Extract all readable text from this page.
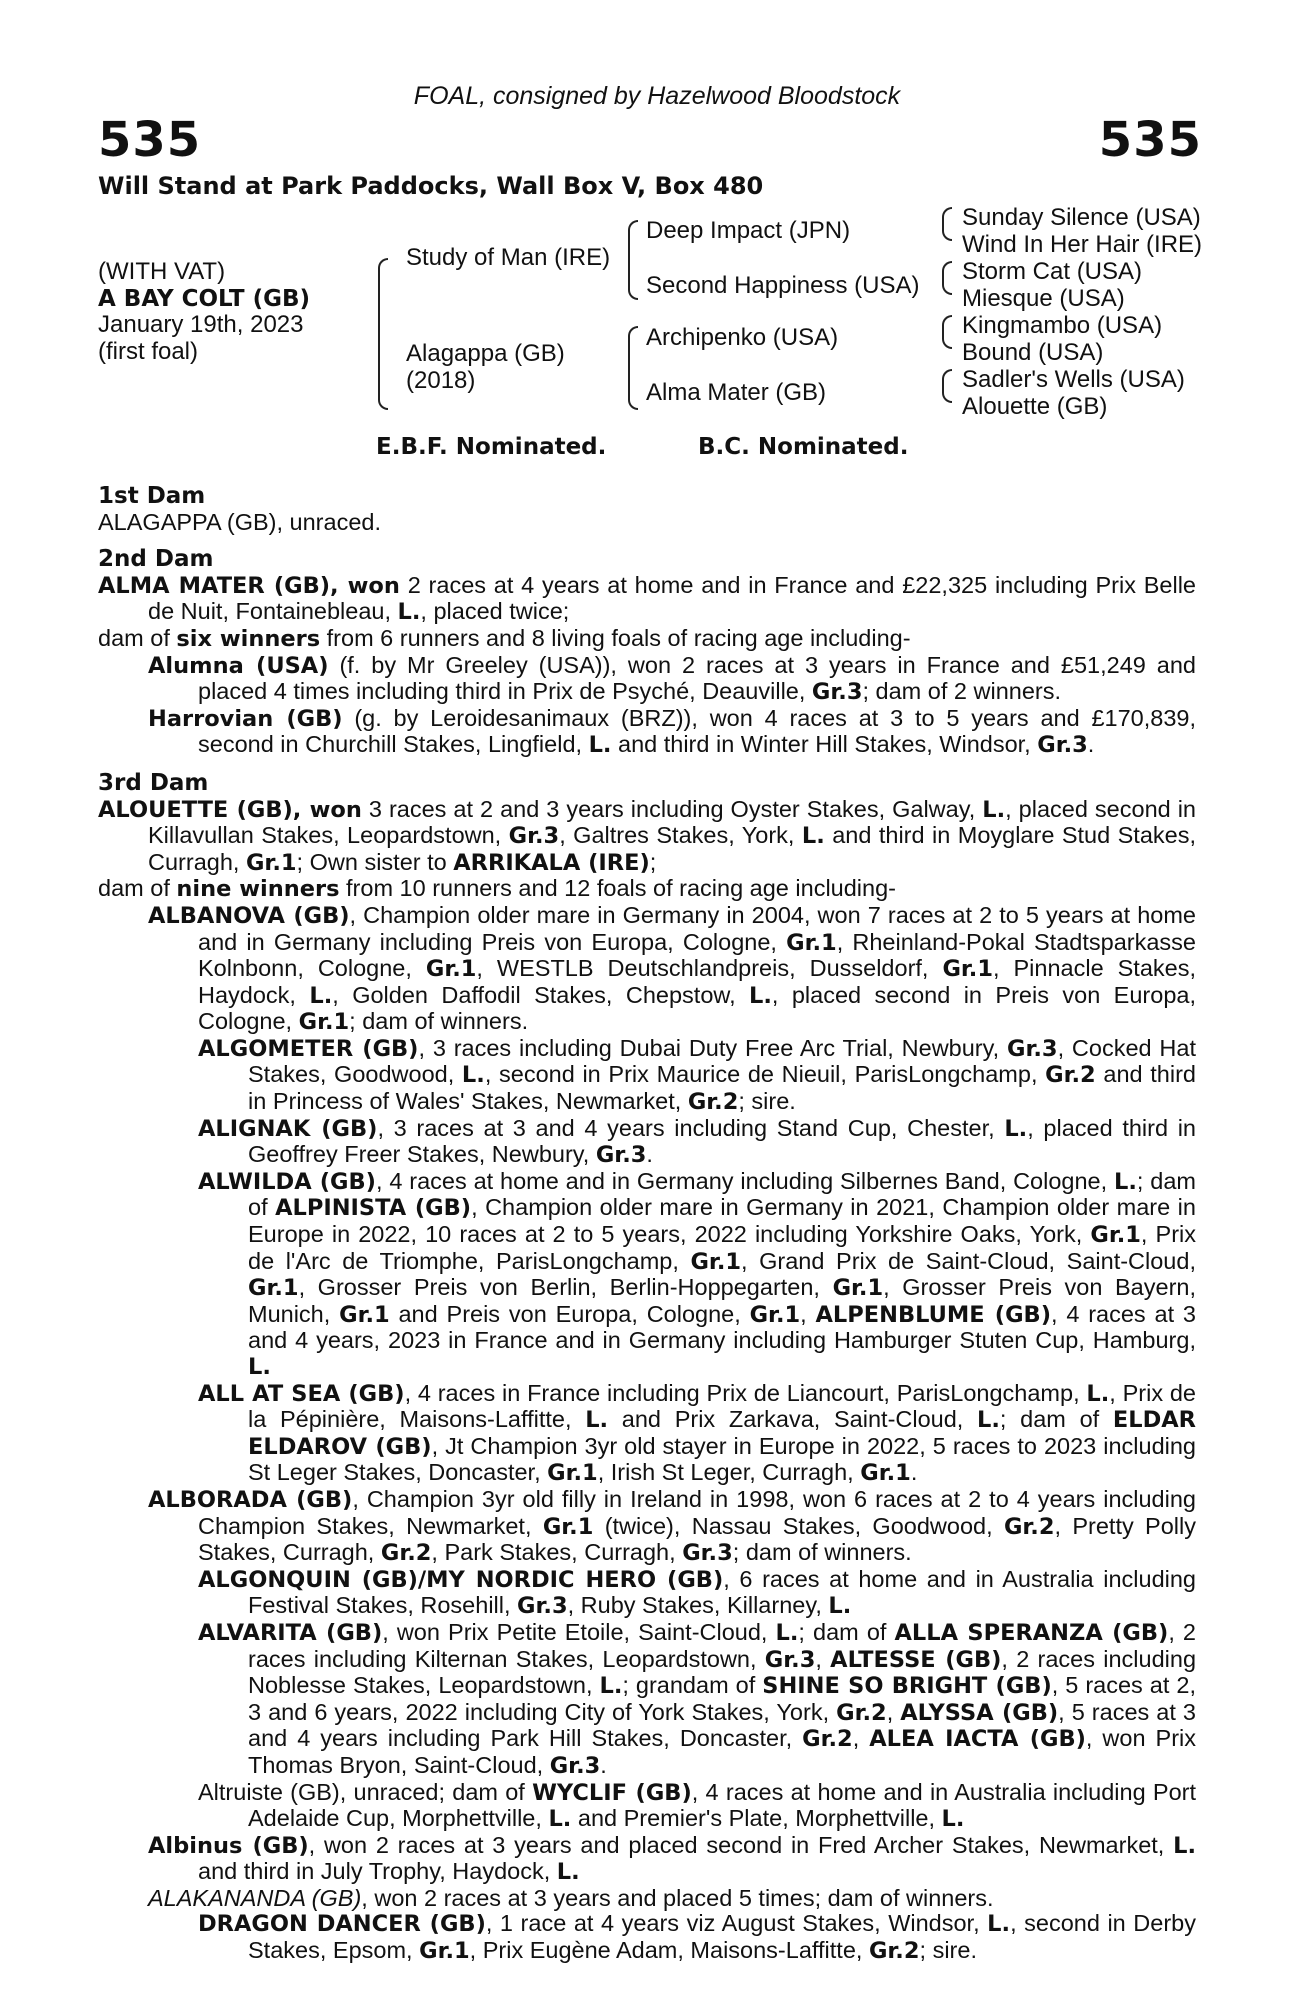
FOAL, consigned by Hazelwood Bloodstock
535	535
Will Stand at Park Paddocks, Wall Box V, Box 480
(WITH VAT)
A BAY COLT (GB)
January 19th, 2023
(first foal)
Study of Man (IRE)
Alagappa (GB)
(2018)
Deep Impact (JPN)
Second Happiness (USA)
Archipenko (USA)
Alma Mater (GB)
Sunday Silence (USA)
Wind In Her Hair (IRE)
Storm Cat (USA)
Miesque (USA)
Kingmambo (USA)
Bound (USA)
Sadler's Wells (USA)
Alouette (GB)
E.B.F. Nominated.	B.C. Nominated.
1st Dam
ALAGAPPA (GB), unraced.
2nd Dam
ALMA MATER (GB), won 2 races at 4 years at home and in France and £22,325 including Prix Belle de Nuit, Fontainebleau, L., placed twice;
dam of six winners from 6 runners and 8 living foals of racing age including-
Alumna (USA) (f. by Mr Greeley (USA)), won 2 races at 3 years in France and £51,249 and placed 4 times including third in Prix de Psyché, Deauville, Gr.3; dam of 2 winners.
Harrovian (GB) (g. by Leroidesanimaux (BRZ)), won 4 races at 3 to 5 years and £170,839, second in Churchill Stakes, Lingfield, L. and third in Winter Hill Stakes, Windsor, Gr.3.
3rd Dam
ALOUETTE (GB), won 3 races at 2 and 3 years including Oyster Stakes, Galway, L., placed second in Killavullan Stakes, Leopardstown, Gr.3, Galtres Stakes, York, L. and third in Moyglare Stud Stakes, Curragh, Gr.1; Own sister to ARRIKALA (IRE);
dam of nine winners from 10 runners and 12 foals of racing age including-
ALBANOVA (GB), Champion older mare in Germany in 2004, won 7 races at 2 to 5 years at home and in Germany including Preis von Europa, Cologne, Gr.1, Rheinland-Pokal Stadtsparkasse Kolnbonn, Cologne, Gr.1, WESTLB Deutschlandpreis, Dusseldorf, Gr.1, Pinnacle Stakes, Haydock, L., Golden Daffodil Stakes, Chepstow, L., placed second in Preis von Europa, Cologne, Gr.1; dam of winners.
ALGOMETER (GB), 3 races including Dubai Duty Free Arc Trial, Newbury, Gr.3, Cocked Hat Stakes, Goodwood, L., second in Prix Maurice de Nieuil, ParisLongchamp, Gr.2 and third in Princess of Wales' Stakes, Newmarket, Gr.2; sire.
ALIGNAK (GB), 3 races at 3 and 4 years including Stand Cup, Chester, L., placed third in Geoffrey Freer Stakes, Newbury, Gr.3.
ALWILDA (GB), 4 races at home and in Germany including Silbernes Band, Cologne, L.; dam of ALPINISTA (GB), Champion older mare in Germany in 2021, Champion older mare in Europe in 2022, 10 races at 2 to 5 years, 2022 including Yorkshire Oaks, York, Gr.1, Prix de l'Arc de Triomphe, ParisLongchamp, Gr.1, Grand Prix de Saint-Cloud, Saint-Cloud, Gr.1, Grosser Preis von Berlin, Berlin-Hoppegarten, Gr.1, Grosser Preis von Bayern, Munich, Gr.1 and Preis von Europa, Cologne, Gr.1, ALPENBLUME (GB), 4 races at 3 and 4 years, 2023 in France and in Germany including Hamburger Stuten Cup, Hamburg, L.
ALL AT SEA (GB), 4 races in France including Prix de Liancourt, ParisLongchamp, L., Prix de la Pépinière, Maisons-Laffitte, L. and Prix Zarkava, Saint-Cloud, L.; dam of ELDAR ELDAROV (GB), Jt Champion 3yr old stayer in Europe in 2022, 5 races to 2023 including St Leger Stakes, Doncaster, Gr.1, Irish St Leger, Curragh, Gr.1.
ALBORADA (GB), Champion 3yr old filly in Ireland in 1998, won 6 races at 2 to 4 years including Champion Stakes, Newmarket, Gr.1 (twice), Nassau Stakes, Goodwood, Gr.2, Pretty Polly Stakes, Curragh, Gr.2, Park Stakes, Curragh, Gr.3; dam of winners.
ALGONQUIN (GB)/MY NORDIC HERO (GB), 6 races at home and in Australia including Festival Stakes, Rosehill, Gr.3, Ruby Stakes, Killarney, L.
ALVARITA (GB), won Prix Petite Etoile, Saint-Cloud, L.; dam of ALLA SPERANZA (GB), 2 races including Kilternan Stakes, Leopardstown, Gr.3, ALTESSE (GB), 2 races including Noblesse Stakes, Leopardstown, L.; grandam of SHINE SO BRIGHT (GB), 5 races at 2, 3 and 6 years, 2022 including City of York Stakes, York, Gr.2, ALYSSA (GB), 5 races at 3 and 4 years including Park Hill Stakes, Doncaster, Gr.2, ALEA IACTA (GB), won Prix Thomas Bryon, Saint-Cloud, Gr.3.
Altruiste (GB), unraced; dam of WYCLIF (GB), 4 races at home and in Australia including Port Adelaide Cup, Morphettville, L. and Premier's Plate, Morphettville, L.
Albinus (GB), won 2 races at 3 years and placed second in Fred Archer Stakes, Newmarket, L. and third in July Trophy, Haydock, L.
ALAKANANDA (GB), won 2 races at 3 years and placed 5 times; dam of winners.
DRAGON DANCER (GB), 1 race at 4 years viz August Stakes, Windsor, L., second in Derby Stakes, Epsom, Gr.1, Prix Eugène Adam, Maisons-Laffitte, Gr.2; sire.
